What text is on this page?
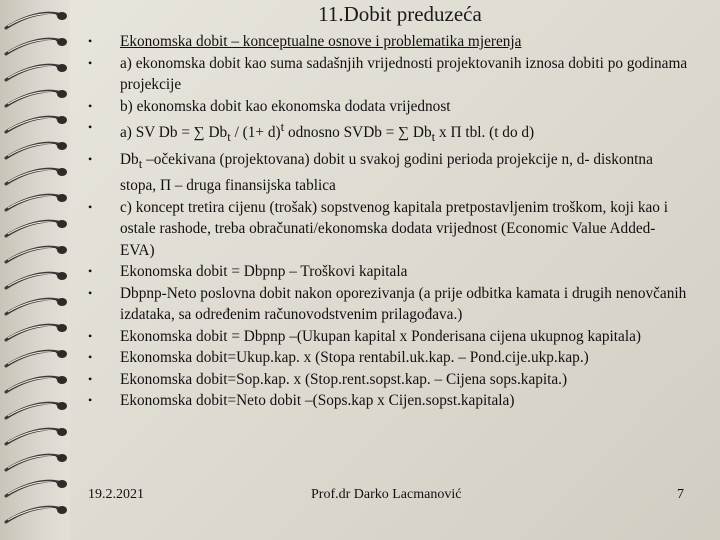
11.Dobit preduzeća

•	Ekonomska dobit – konceptualne osnove i problematika mjerenja

•	a) ekonomska dobit kao suma sadašnjih vrijednosti projektovanih iznosa dobiti po godinama projekcije

•	b) ekonomska dobit kao ekonomska dodata vrijednost

•	a) SV Db = ∑ $Db_t / (1+ d)^t$ odnosno SVDb = ∑ $Db_t$ x Π tbl. (t do d)

•	$Db_t$ –očekivana (projektovana) dobit u svakoj godini perioda projekcije n, d- diskontna stopa, Π – druga finansijska tablica

•	c) koncept tretira cijenu (trošak) sopstvenog kapitala pretpostavljenim troškom, koji kao i ostale rashode, treba obračunati/ekonomska dodata vrijednost (Economic Value Added-EVA)

•	Ekonomska dobit = Dbpnp – Troškovi kapitala

•	Dbpnp-Neto poslovna dobit nakon oporezivanja (a prije odbitka kamata i drugih nenovčanih izdataka, sa određenim računovodstvenim prilagođava.)

•	Ekonomska dobit = Dbpnp –(Ukupan kapital x Ponderisana cijena ukupnog kapitala)

•	Ekonomska dobit=Ukup.kap. x (Stopa rentabil.uk.kap. – Pond.cije.ukp.kap.)

•	Ekonomska dobit=Sop.kap. x (Stop.rent.sopst.kap. – Cijena sops.kapita.)

•	Ekonomska dobit=Neto dobit –(Sops.kap x Cijen.sopst.kapitala)

19.2.2021	Prof.dr Darko Lacmanović	7
